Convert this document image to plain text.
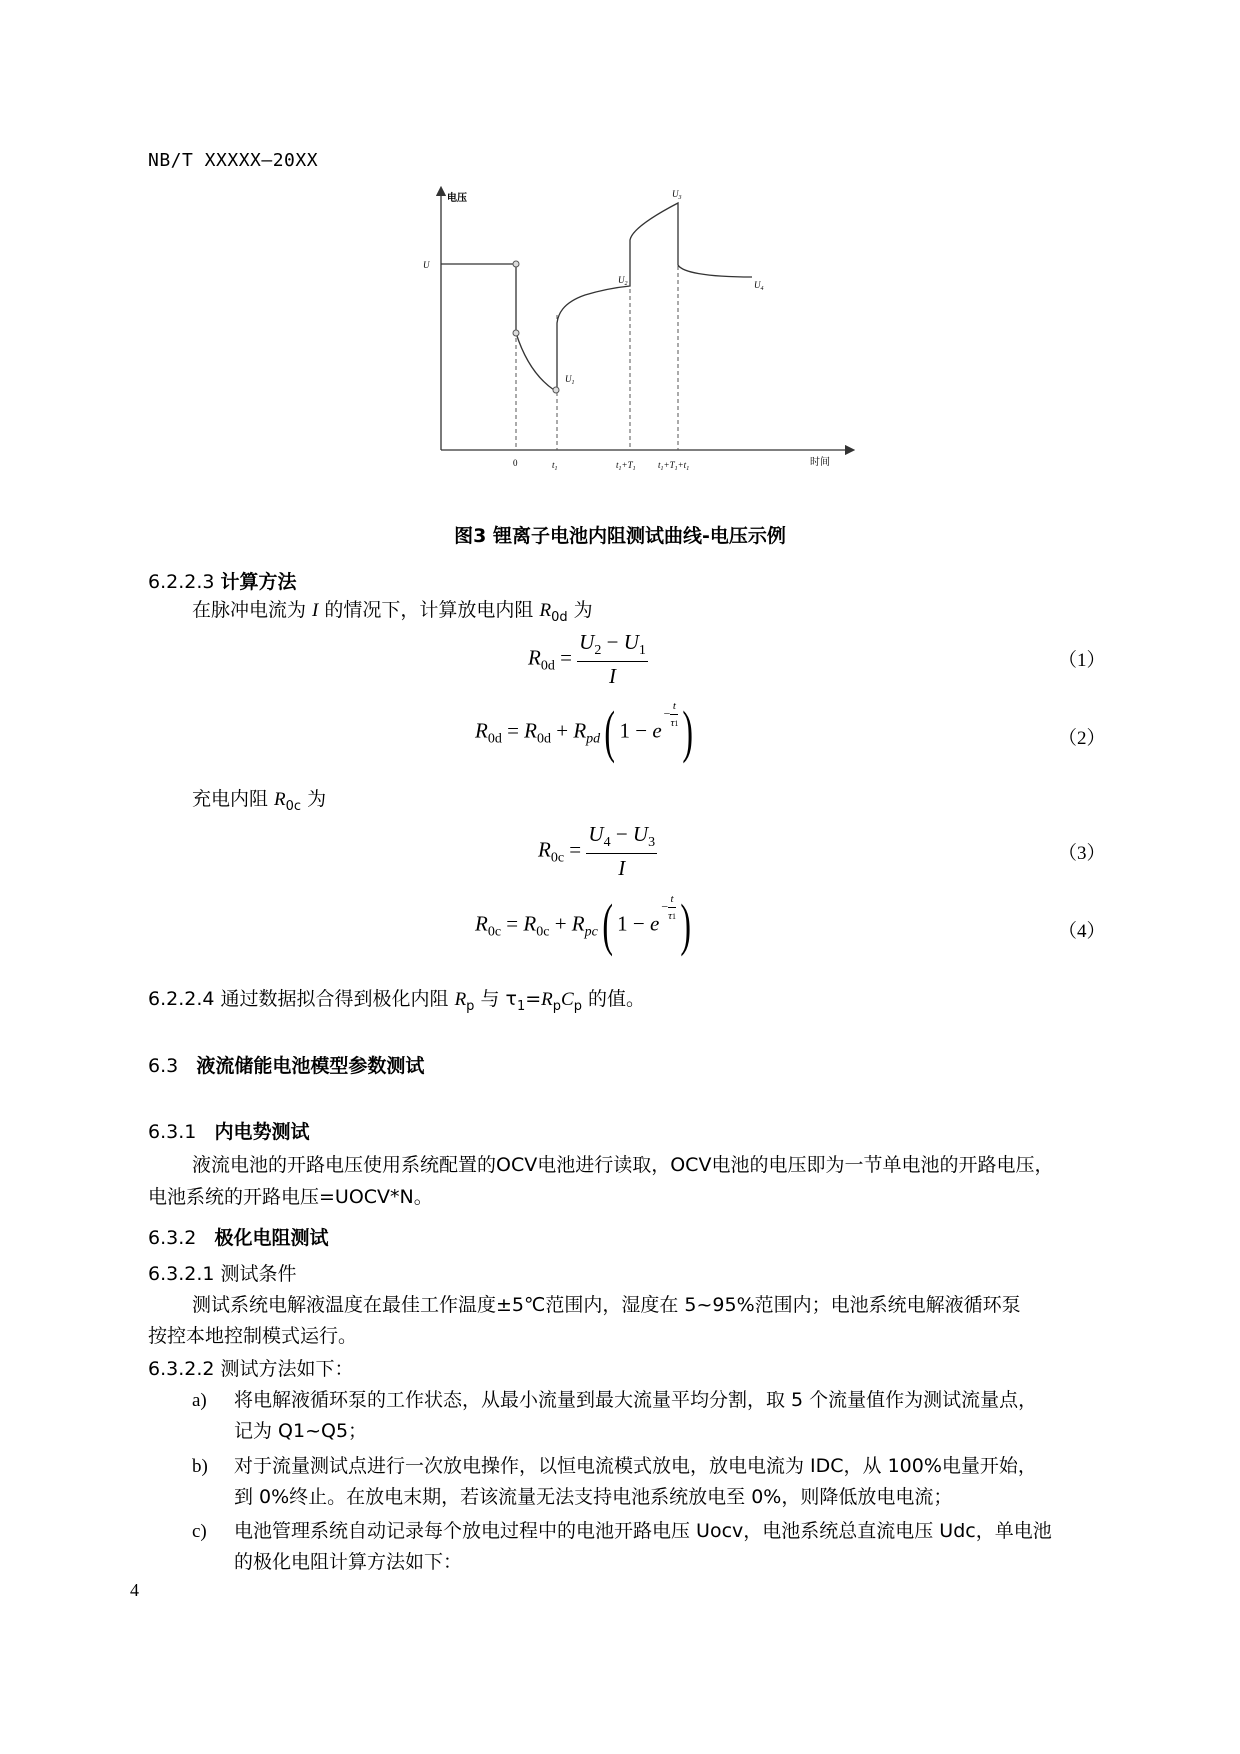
NB/T XXXXX—20XX
电压
时间
U
$U_1$
$U_2$
$U_3$
$U_4$
0	$t_1$	$t_1+T_1$ $t_1+T_1+t_1$
图3 锂离子电池内阻测试曲线-电压示例
6.2.2.3 计算方法
在脉冲电流为 I 的情况下，计算放电内阻 $R_{0d}$ 为
$R_{0d} = \frac{U_2 - U_1}{I}$	（1）
$R_{0d} = R_{0d} + R_{pd}$( $1 - e- \frac{t}{\tau 1}$ )	（2）
充电内阻 $R_{0c}$ 为
$R_{0c} = \frac{U_4 - U_3}{I}$	（3）
$R_{0c} = R_{0c} + R_{pc}$( $1 - e- \frac{t}{\tau 1}$ )	（4）
6.2.2.4 通过数据拟合得到极化内阻 $R_p$ 与 $\tau_1=R_pC_p$ 的值。
6.3 液流储能电池模型参数测试
6.3.1 内电势测试
液流电池的开路电压使用系统配置的OCV电池进行读取，OCV电池的电压即为一节单电池的开路电压，
电池系统的开路电压=UOCV*N。
6.3.2 极化电阻测试
6.3.2.1 测试条件
测试系统电解液温度在最佳工作温度±5℃范围内，湿度在 5~95%范围内；电池系统电解液循环泵
按控本地控制模式运行。
6.3.2.2 测试方法如下：
a) 将电解液循环泵的工作状态，从最小流量到最大流量平均分割，取 5 个流量值作为测试流量点，
记为 Q1~Q5；
b) 对于流量测试点进行一次放电操作，以恒电流模式放电，放电电流为 IDC，从 100%电量开始，
到 0%终止。在放电末期，若该流量无法支持电池系统放电至 0%，则降低放电电流；
c) 电池管理系统自动记录每个放电过程中的电池开路电压 Uocv，电池系统总直流电压 Udc，单电池
的极化电阻计算方法如下：
4
